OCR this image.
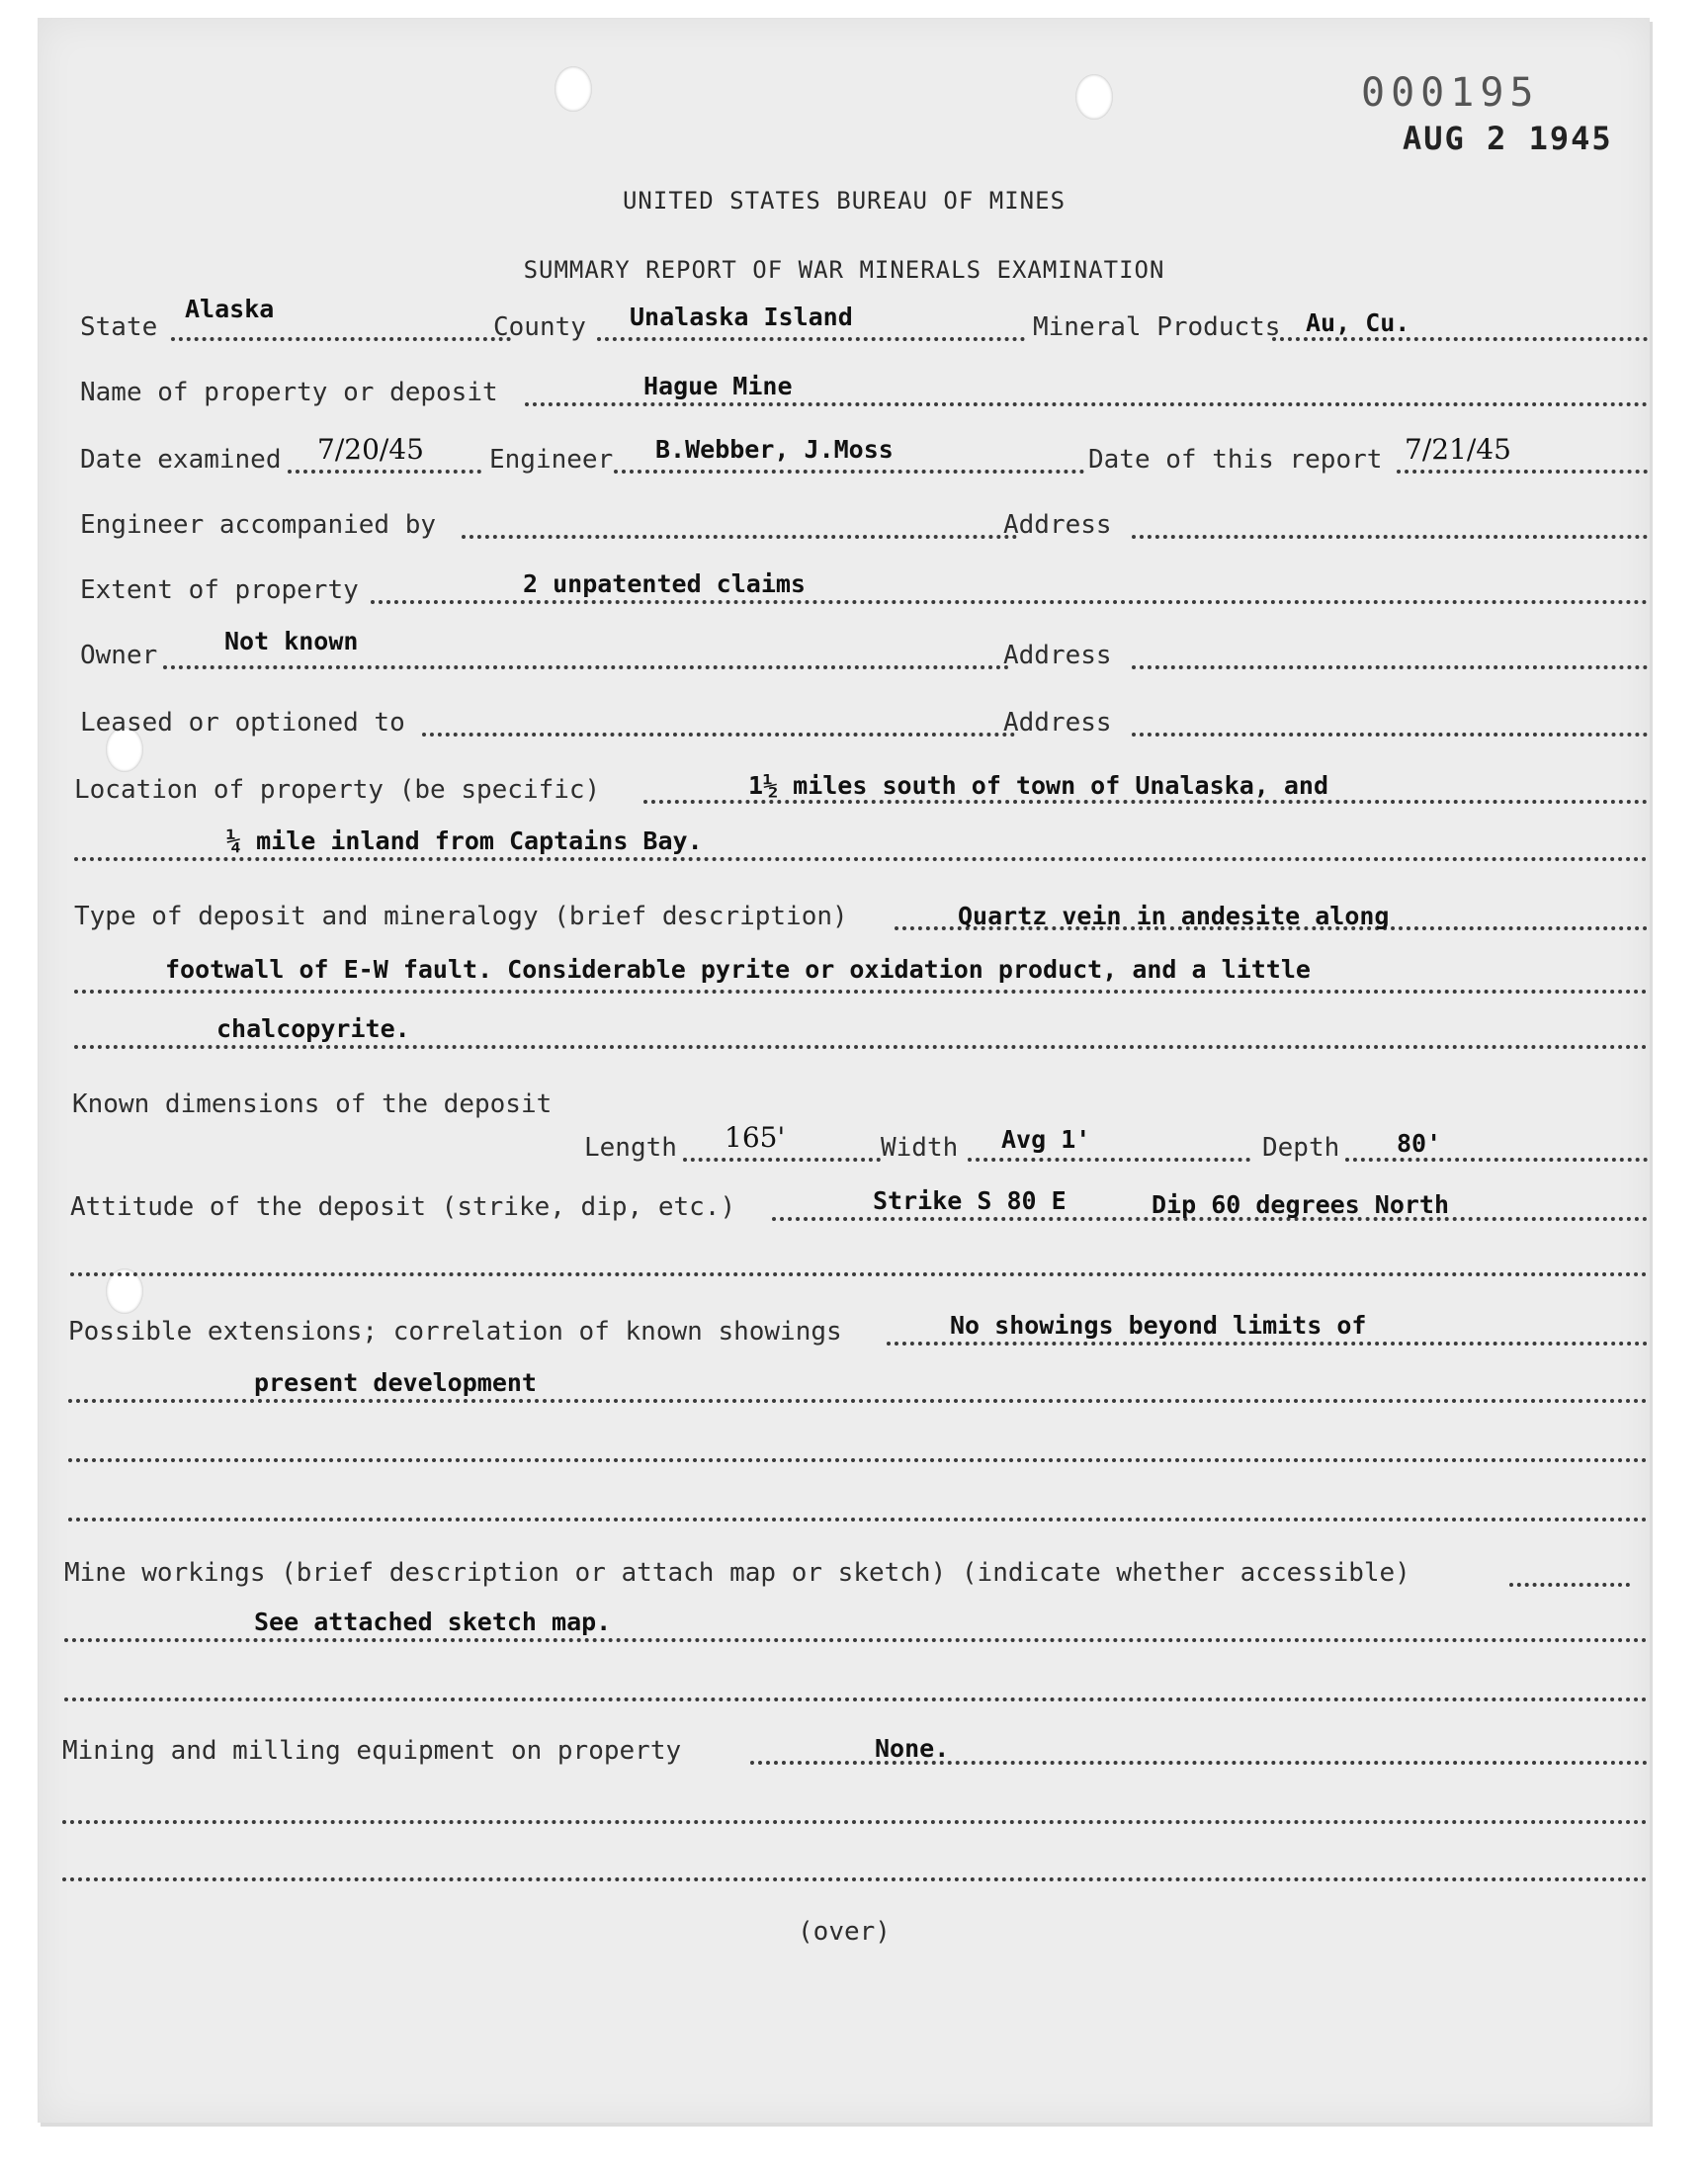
000195
AUG 2 1945
UNITED STATES BUREAU OF MINES
SUMMARY REPORT OF WAR MINERALS EXAMINATION
State
Alaska
County Unalaska Island	Mineral Products Au, Cu.
Name of property or deposit	Hague Mine
Date examined 7/20/45	Engineer B.Webber, J.Moss	Date of this report 7/21/45
Engineer accompanied by	Address
Extent of property	2 unpatented claims
Owner	Not known	Address
Leased or optioned to	Address
Location of property (be specific)	1½ miles south of town of Unalaska, and
¼ mile inland from Captains Bay.
Type of deposit and mineralogy (brief description)	Quartz vein in andesite along
footwall of E-W fault. Considerable pyrite or oxidation product, and a little
chalcopyrite.
Known dimensions of the deposit
Length 165'	Width Avg 1'	Depth 80'
Attitude of the deposit (strike, dip, etc.)	Strike S 80 E	Dip 60 degrees North
Possible extensions; correlation of known showings	No showings beyond limits of
present development
Mine workings (brief description or attach map or sketch) (indicate whether accessible)
See attached sketch map.
Mining and milling equipment on property	None.
(over)
